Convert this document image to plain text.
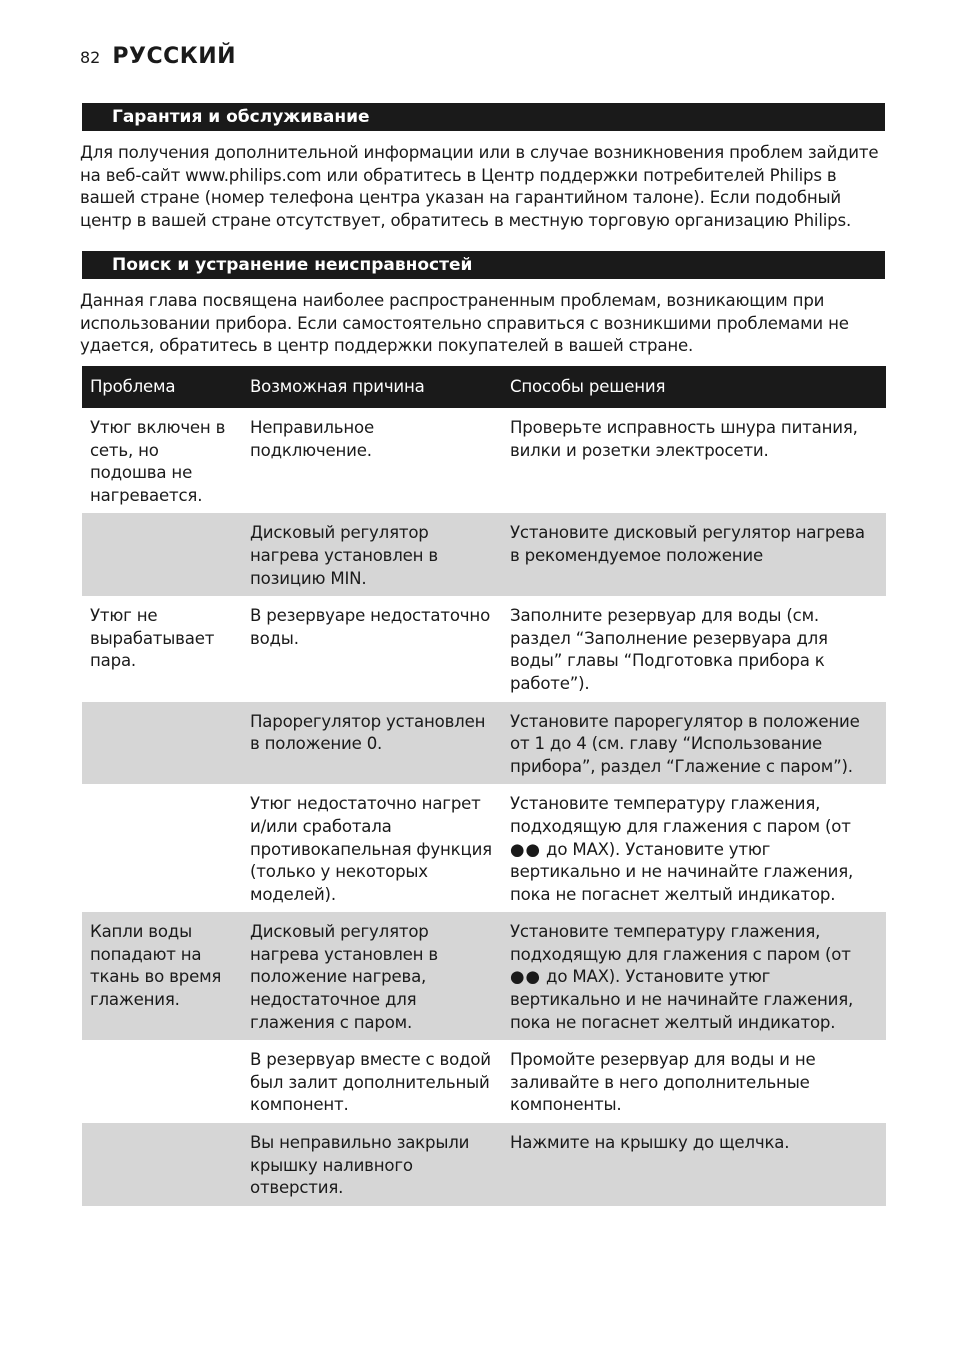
82 РУССКИЙ
Гарантия и обслуживание
Для получения дополнительной информации или в случае возникновения проблем зайдите на веб-сайт www.philips.com или обратитесь в Центр поддержки потребителей Philips в вашей стране (номер телефона центра указан на гарантийном талоне). Если подобный центр в вашей стране отсутствует, обратитесь в местную торговую организацию Philips.
Поиск и устранение неисправностей
Данная глава посвящена наиболее распространенным проблемам, возникающим при использовании прибора. Если самостоятельно справиться с возникшими проблемами не удается, обратитесь в центр поддержки покупателей в вашей стране.
Проблема	Возможная причина	Способы решения
Утюг включен в сеть, но подошва не нагревается.	Неправильное подключение.	Проверьте исправность шнура питания, вилки и розетки электросети.
	Дисковый регулятор нагрева установлен в позицию MIN.	Установите дисковый регулятор нагрева в рекомендуемое положение
Утюг не вырабатывает пара.	В резервуаре недостаточно воды.	Заполните резервуар для воды (см. раздел “Заполнение резервуара для воды” главы “Подготовка прибора к работе”).
	Парорегулятор установлен в положение 0.	Установите парорегулятор в положение от 1 до 4 (см. главу “Использование прибора”, раздел “Глажение с паром”).
	Утюг недостаточно нагрет и/или сработала противокапельная функция (только у некоторых моделей).	Установите температуру глажения, подходящую для глажения с паром (от ●● до MAX). Установите утюг вертикально и не начинайте глажения, пока не погаснет желтый индикатор.
Капли воды попадают на ткань во время глажения.	Дисковый регулятор нагрева установлен в положение нагрева, недостаточное для глажения с паром.	Установите температуру глажения, подходящую для глажения с паром (от ●● до MAX). Установите утюг вертикально и не начинайте глажения, пока не погаснет желтый индикатор.
	В резервуар вместе с водой был залит дополнительный компонент.	Промойте резервуар для воды и не заливайте в него дополнительные компоненты.
	Вы неправильно закрыли крышку наливного отверстия.	Нажмите на крышку до щелчка.
